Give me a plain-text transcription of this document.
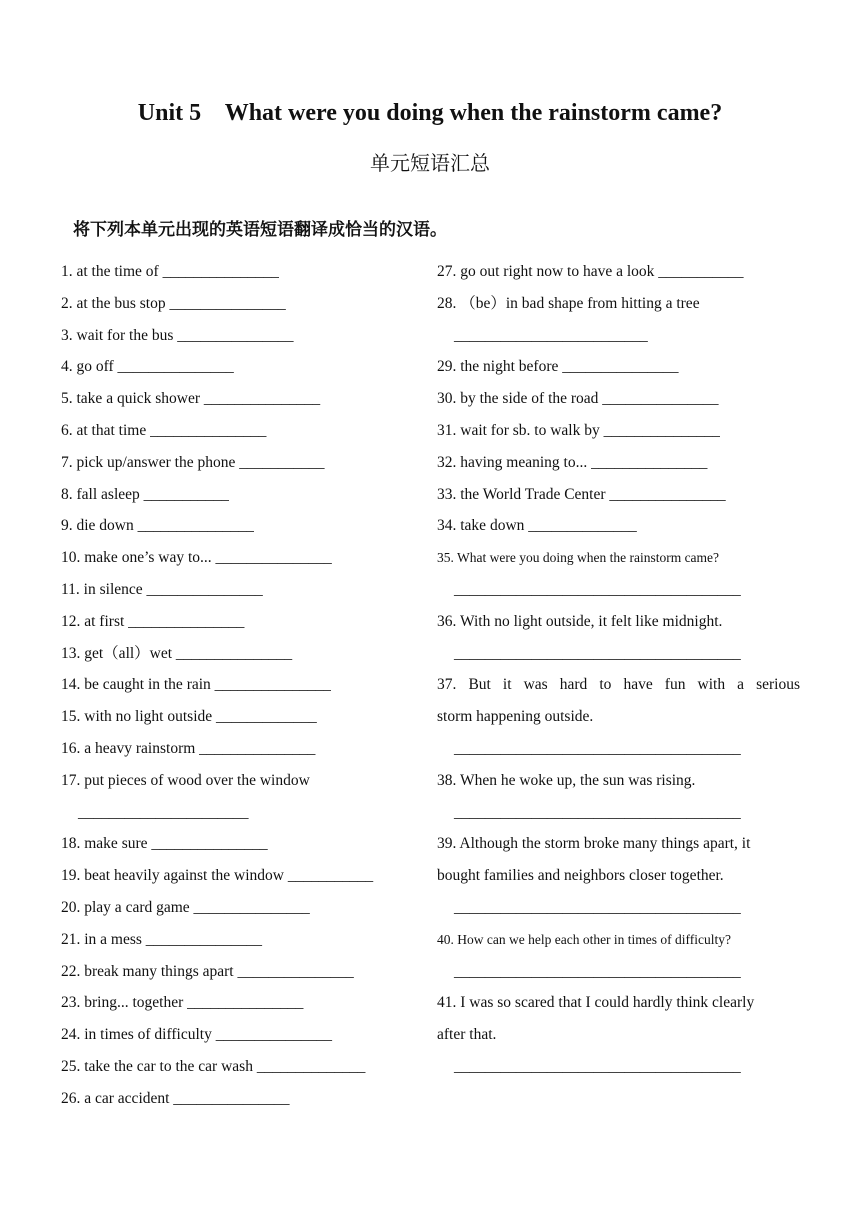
Unit 5    What were you doing when the rainstorm came?
单元短语汇总
将下列本单元出现的英语短语翻译成恰当的汉语。
1. at the time of _______________
2. at the bus stop _______________
3. wait for the bus _______________
4. go off _______________
5. take a quick shower _______________
6. at that time _______________
7. pick up/answer the phone ___________
8. fall asleep ___________
9. die down _______________
10. make one’s way to... _______________
11. in silence _______________
12. at first _______________
13. get（all）wet _______________
14. be caught in the rain _______________
15. with no light outside _____________
16. a heavy rainstorm _______________
17. put pieces of wood over the window
______________________
18. make sure _______________
19. beat heavily against the window ___________
20. play a card game _______________
21. in a mess _______________
22. break many things apart _______________
23. bring... together _______________
24. in times of difficulty _______________
25. take the car to the car wash ______________
26. a car accident _______________
27. go out right now to have a look ___________
28. （be）in bad shape from hitting a tree
_________________________
29. the night before _______________
30. by the side of the road _______________
31. wait for sb. to walk by _______________
32. having meaning to... _______________
33. the World Trade Center _______________
34. take down ______________
35. What were you doing when the rainstorm came?
_____________________________________
36. With no light outside, it felt like midnight.
_____________________________________
37. But it was hard to have fun with a serious
storm happening outside.
_____________________________________
38. When he woke up, the sun was rising.
_____________________________________
39. Although the storm broke many things apart, it
bought families and neighbors closer together.
_____________________________________
40. How can we help each other in times of difficulty?
_____________________________________
41. I was so scared that I could hardly think clearly
after that.
_____________________________________
